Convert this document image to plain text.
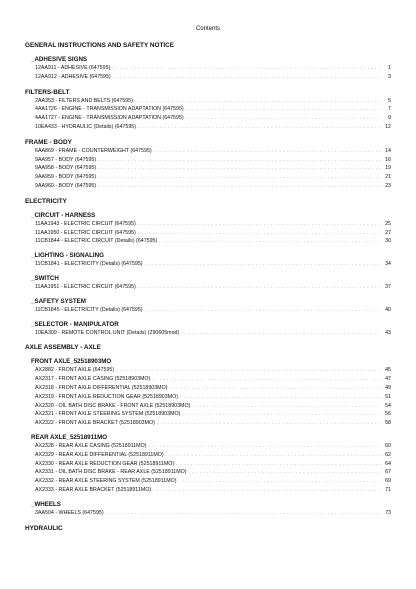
Contents
GENERAL INSTRUCTIONS AND SAFETY NOTICE
_ADHESIVE SIGNS
12AA911 - ADHESIVE (647595) . . .	1
12AA912 - ADHESIVE (647595) . . .	3
FILTERS-BELT
2AA353 - FILTERS AND BELTS (647595) . . .	5
4AA1726 - ENGINE - TRANSMISSION ADAPTATION (647595) . . .	7
4AA1727 - ENGINE - TRANSMISSION ADAPTATION (647595) . . .	9
10EA433 - HYDRAULIC (Details) (647595) . . .	12
FRAME - BODY
6AA869 - FRAME - COUNTERWEIGHT (647595) . . .	14
9AA957 - BODY (647595) . . .	16
9AA958 - BODY (647595) . . .	19
9AA959 - BODY (647595) . . .	21
9AA960 - BODY (647595) . . .	23
ELECTRICITY
_CIRCUIT - HARNESS
11AA1943 - ELECTRIC CIRCUIT (647595) . . .	25
11AA1950 - ELECTRIC CIRCUIT (647595) . . .	27
11CB1844 - ELECTRIC CIRCUIT (Details) (647595) . . .	30
_LIGHTING - SIGNALING
11CB1841 - ELECTRICITY (Details) (647595) . . .	34
_SWITCH
11AA1951 - ELECTRIC CIRCUIT (647595) . . .	37
_SAFETY SYSTEM
11CB1845 - ELECTRICITY (Details) (647595) . . .	40
_SELECTOR - MANIPULATOR
10EA309 - REMOTE CONTROL UNIT (Details) (290605mod) . . .	43
AXLE ASSEMBLY - AXLE
FRONT AXLE_52518903MO
AX2882 - FRONT AXLE (647595) . . .	45
AX2317 - FRONT AXLE CASING (52518903MO) . . .	47
AX2318 - FRONT AXLE DIFFERENTIAL (52518903MO) . . .	49
AX2319 - FRONT AXLE REDUCTION GEAR (52518903MO) . . .	51
AX2320 - OIL BATH DISC BRAKE - FRONT AXLE (52518903MO) . . .	54
AX2321 - FRONT AXLE STEERING SYSTEM (52518903MO) . . .	56
AX2322 - FRONT AXLE BRACKET (52518903MO) . . .	58
REAR AXLE_52518911MO
AX2328 - REAR AXLE CASING (52518911MO) . . .	60
AX2329 - REAR AXLE DIFFERENTIAL (52518911MO) . . .	62
AX2330 - REAR AXLE REDUCTION GEAR (52518911MO) . . .	64
AX2331 - OIL BATH DISC BRAKE - REAR AXLE (52518911MO) . . .	67
AX2332 - REAR AXLE STEERING SYSTEM (52518911MO) . . .	69
AX2333 - REAR AXLE BRACKET (52518911MO) . . .	71
_WHEELS
3AA504 - WHEELS (647595) . . .	73
HYDRAULIC
